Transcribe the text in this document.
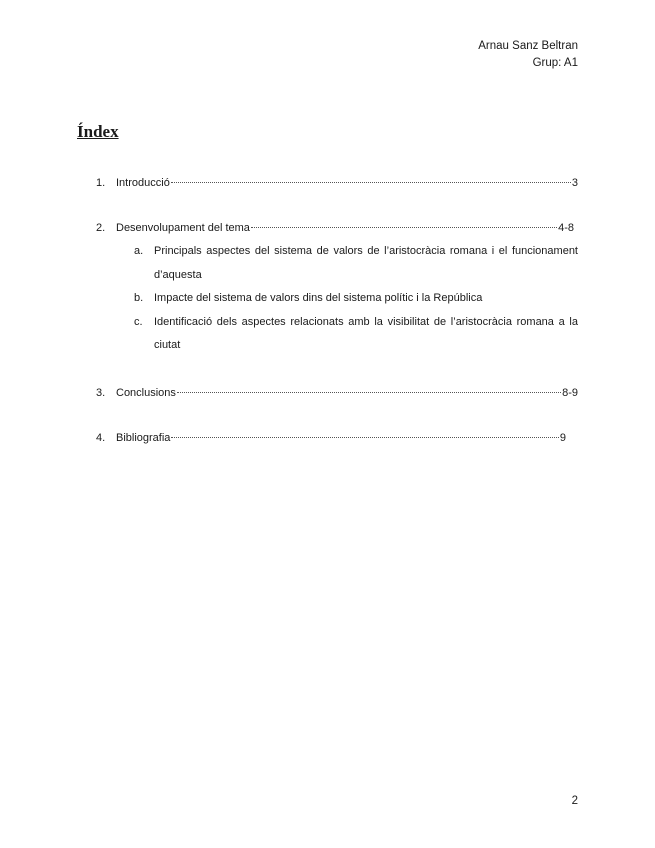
Arnau Sanz Beltran
Grup: A1
Índex
1. Introducció	3
2. Desenvolupament del tema	4-8
a. Principals aspectes del sistema de valors de l’aristocràcia romana i el funcionament d’aquesta
b. Impacte del sistema de valors dins del sistema polític i la República
c.	Identificació dels aspectes relacionats amb la visibilitat de l’aristocràcia romana a la ciutat
3. Conclusions	8-9
4. Bibliografia	9
2
